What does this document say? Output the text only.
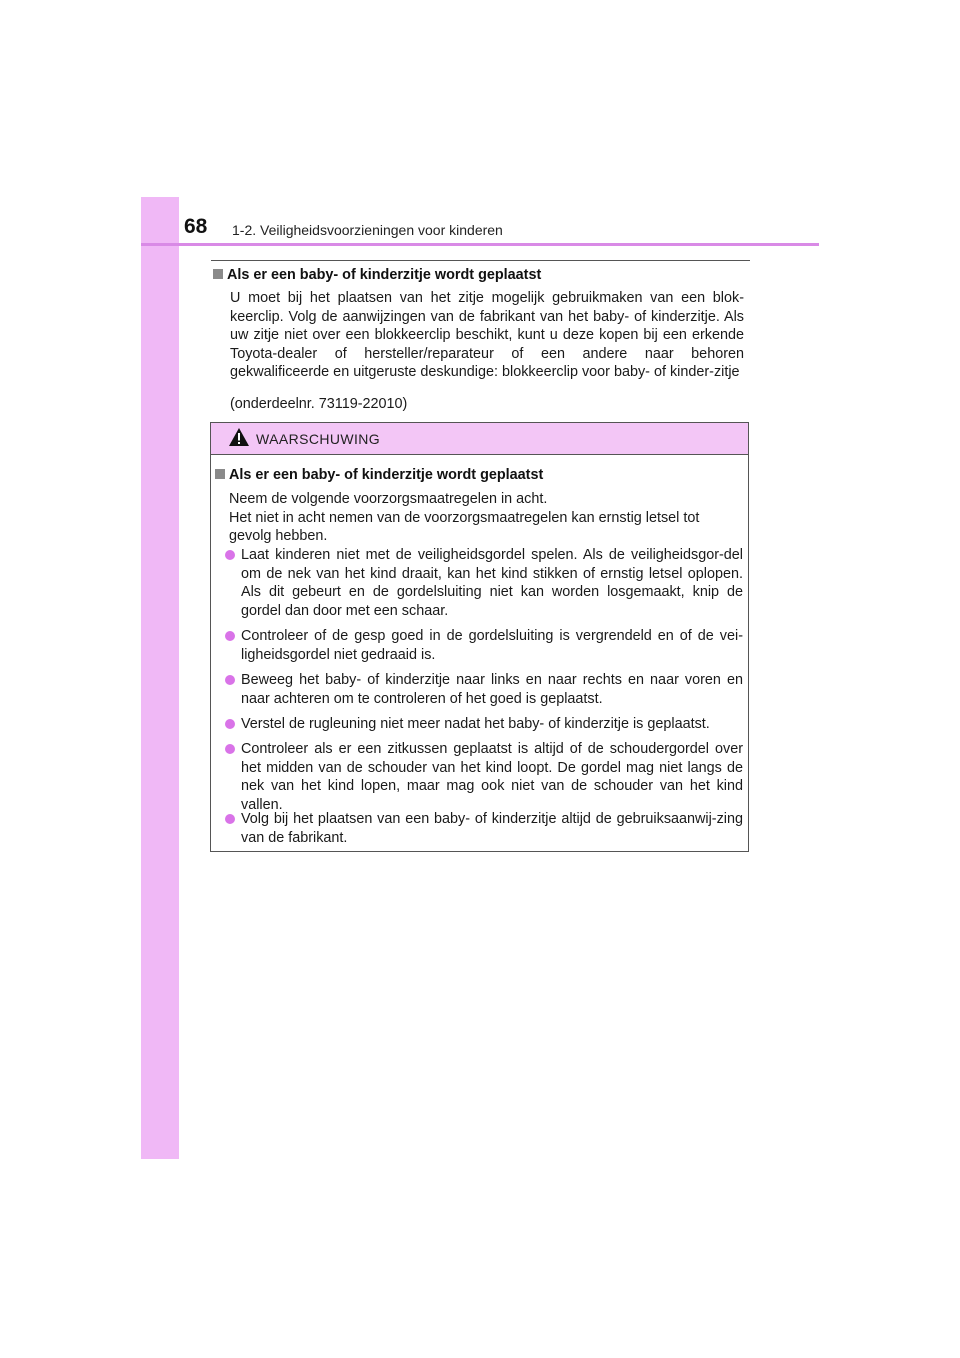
68 1-2. Veiligheidsvoorzieningen voor kinderen
Als er een baby- of kinderzitje wordt geplaatst
U moet bij het plaatsen van het zitje mogelijk gebruikmaken van een blok-keerclip. Volg de aanwijzingen van de fabrikant van het baby- of kinderzitje. Als uw zitje niet over een blokkeerclip beschikt, kunt u deze kopen bij een erkende Toyota-dealer of hersteller/reparateur of een andere naar behoren gekwalificeerde en uitgeruste deskundige: blokkeerclip voor baby- of kinder-zitje
(onderdeelnr. 73119-22010)
WAARSCHUWING
Als er een baby- of kinderzitje wordt geplaatst
Neem de volgende voorzorgsmaatregelen in acht.
Het niet in acht nemen van de voorzorgsmaatregelen kan ernstig letsel tot gevolg hebben.
Laat kinderen niet met de veiligheidsgordel spelen. Als de veiligheidsgor-del om de nek van het kind draait, kan het kind stikken of ernstig letsel oplopen. Als dit gebeurt en de gordelsluiting niet kan worden losgemaakt, knip de gordel dan door met een schaar.
Controleer of de gesp goed in de gordelsluiting is vergrendeld en of de vei-ligheidsgordel niet gedraaid is.
Beweeg het baby- of kinderzitje naar links en naar rechts en naar voren en naar achteren om te controleren of het goed is geplaatst.
Verstel de rugleuning niet meer nadat het baby- of kinderzitje is geplaatst.
Controleer als er een zitkussen geplaatst is altijd of de schoudergordel over het midden van de schouder van het kind loopt. De gordel mag niet langs de nek van het kind lopen, maar mag ook niet van de schouder van het kind vallen.
Volg bij het plaatsen van een baby- of kinderzitje altijd de gebruiksaanwij-zing van de fabrikant.
